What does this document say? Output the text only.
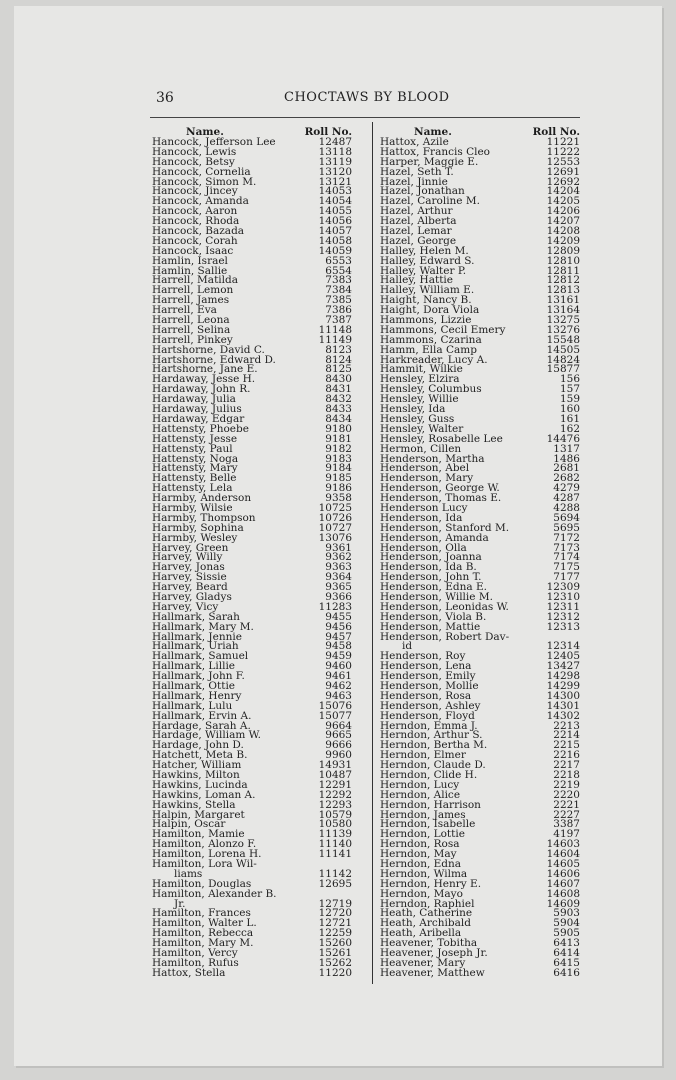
36	CHOCTAWS BY BLOOD
Name.	Roll No.
Hancock, Jefferson Lee	12487
Hancock, Lewis	13118
Hancock, Betsy	13119
Hancock, Cornelia	13120
Hancock, Simon M.	13121
Hancock, Jincey	14053
Hancock, Amanda	14054
Hancock, Aaron	14055
Hancock, Rhoda	14056
Hancock, Bazada	14057
Hancock, Corah	14058
Hancock, Isaac	14059
Hamlin, Israel	6553
Hamlin, Sallie	6554
Harrell, Matilda	7383
Harrell, Lemon	7384
Harrell, James	7385
Harrell, Eva	7386
Harrell, Leona	7387
Harrell, Selina	11148
Harrell, Pinkey	11149
Hartshorne, David C.	8123
Hartshorne, Edward D.	8124
Hartshorne, Jane E.	8125
Hardaway, Jesse H.	8430
Hardaway, John R.	8431
Hardaway, Julia	8432
Hardaway, Julius	8433
Hardaway, Edgar	8434
Hattensty, Phoebe	9180
Hattensty, Jesse	9181
Hattensty, Paul	9182
Hattensty, Noga	9183
Hattensty, Mary	9184
Hattensty, Belle	9185
Hattensty, Lela	9186
Harmby, Anderson	9358
Harmby, Wilsie	10725
Harmby, Thompson	10726
Harmby, Sophina	10727
Harmby, Wesley	13076
Harvey, Green	9361
Harvey, Willy	9362
Harvey, Jonas	9363
Harvey, Sissie	9364
Harvey, Beard	9365
Harvey, Gladys	9366
Harvey, Vicy	11283
Hallmark, Sarah	9455
Hallmark, Mary M.	9456
Hallmark, Jennie	9457
Hallmark, Uriah	9458
Hallmark, Samuel	9459
Hallmark, Lillie	9460
Hallmark, John F.	9461
Hallmark, Ottie	9462
Hallmark, Henry	9463
Hallmark, Lulu	15076
Hallmark, Ervin A.	15077
Hardage, Sarah A.	9664
Hardage, William W.	9665
Hardage, John D.	9666
Hatchett, Meta B.	9960
Hatcher, William	14931
Hawkins, Milton	10487
Hawkins, Lucinda	12291
Hawkins, Loman A.	12292
Hawkins, Stella	12293
Halpin, Margaret	10579
Halpin, Oscar	10580
Hamilton, Mamie	11139
Hamilton, Alonzo F.	11140
Hamilton, Lorena H.	11141
Hamilton, Lora Wil-
liams	11142
Hamilton, Douglas	12695
Hamilton, Alexander B.
Jr.	12719
Hamilton, Frances	12720
Hamilton, Walter L.	12721
Hamilton, Rebecca	12259
Hamilton, Mary M.	15260
Hamilton, Vercy	15261
Hamilton, Rufus	15262
Hattox, Stella	11220
Name.	Roll No.
Hattox, Azile	11221
Hattox, Francis Cleo	11222
Harper, Maggie E.	12553
Hazel, Seth T.	12691
Hazel, Jinnie	12692
Hazel, Jonathan	14204
Hazel, Caroline M.	14205
Hazel, Arthur	14206
Hazel, Alberta	14207
Hazel, Lemar	14208
Hazel, George	14209
Halley, Helen M.	12809
Halley, Edward S.	12810
Halley, Walter P.	12811
Halley, Hattie	12812
Halley, William E.	12813
Haight, Nancy B.	13161
Haight, Dora Viola	13164
Hammons, Lizzie	13275
Hammons, Cecil Emery	13276
Hammons, Czarina	15548
Hamm, Ella Camp	14505
Harkreader, Lucy A.	14824
Hammit, Wilkie	15877
Hensley, Elzira	156
Hensley, Columbus	157
Hensley, Willie	159
Hensley, Ida	160
Hensley, Guss	161
Hensley, Walter	162
Hensley, Rosabelle Lee	14476
Hermon, Cillen	1317
Henderson, Martha	1486
Henderson, Abel	2681
Henderson, Mary	2682
Henderson, George W.	4279
Henderson, Thomas E.	4287
Henderson Lucy	4288
Henderson, Ida	5694
Henderson, Stanford M.	5695
Henderson, Amanda	7172
Henderson, Olla	7173
Henderson, Joanna	7174
Henderson, Ida B.	7175
Henderson, John T.	7177
Henderson, Edna E.	12309
Henderson, Willie M.	12310
Henderson, Leonidas W.	12311
Henderson, Viola B.	12312
Henderson, Mattie	12313
Henderson, Robert Dav-
id	12314
Henderson, Roy	12405
Henderson, Lena	13427
Henderson, Emily	14298
Henderson, Mollie	14299
Henderson, Rosa	14300
Henderson, Ashley	14301
Henderson, Floyd	14302
Herndon, Emma J.	2213
Herndon, Arthur S.	2214
Herndon, Bertha M.	2215
Herndon, Elmer	2216
Herndon, Claude D.	2217
Herndon, Clide H.	2218
Herndon, Lucy	2219
Herndon, Alice	2220
Herndon, Harrison	2221
Herndon, James	2227
Herndon, Isabelle	3387
Herndon, Lottie	4197
Herndon, Rosa	14603
Herndon, May	14604
Herndon, Edna	14605
Herndon, Wilma	14606
Herndon, Henry E.	14607
Herndon, Mayo	14608
Herndon, Raphiel	14609
Heath, Catherine	5903
Heath, Archibald	5904
Heath, Aribella	5905
Heavener, Tobitha	6413
Heavener, Joseph Jr.	6414
Heavener, Mary	6415
Heavener, Matthew	6416
